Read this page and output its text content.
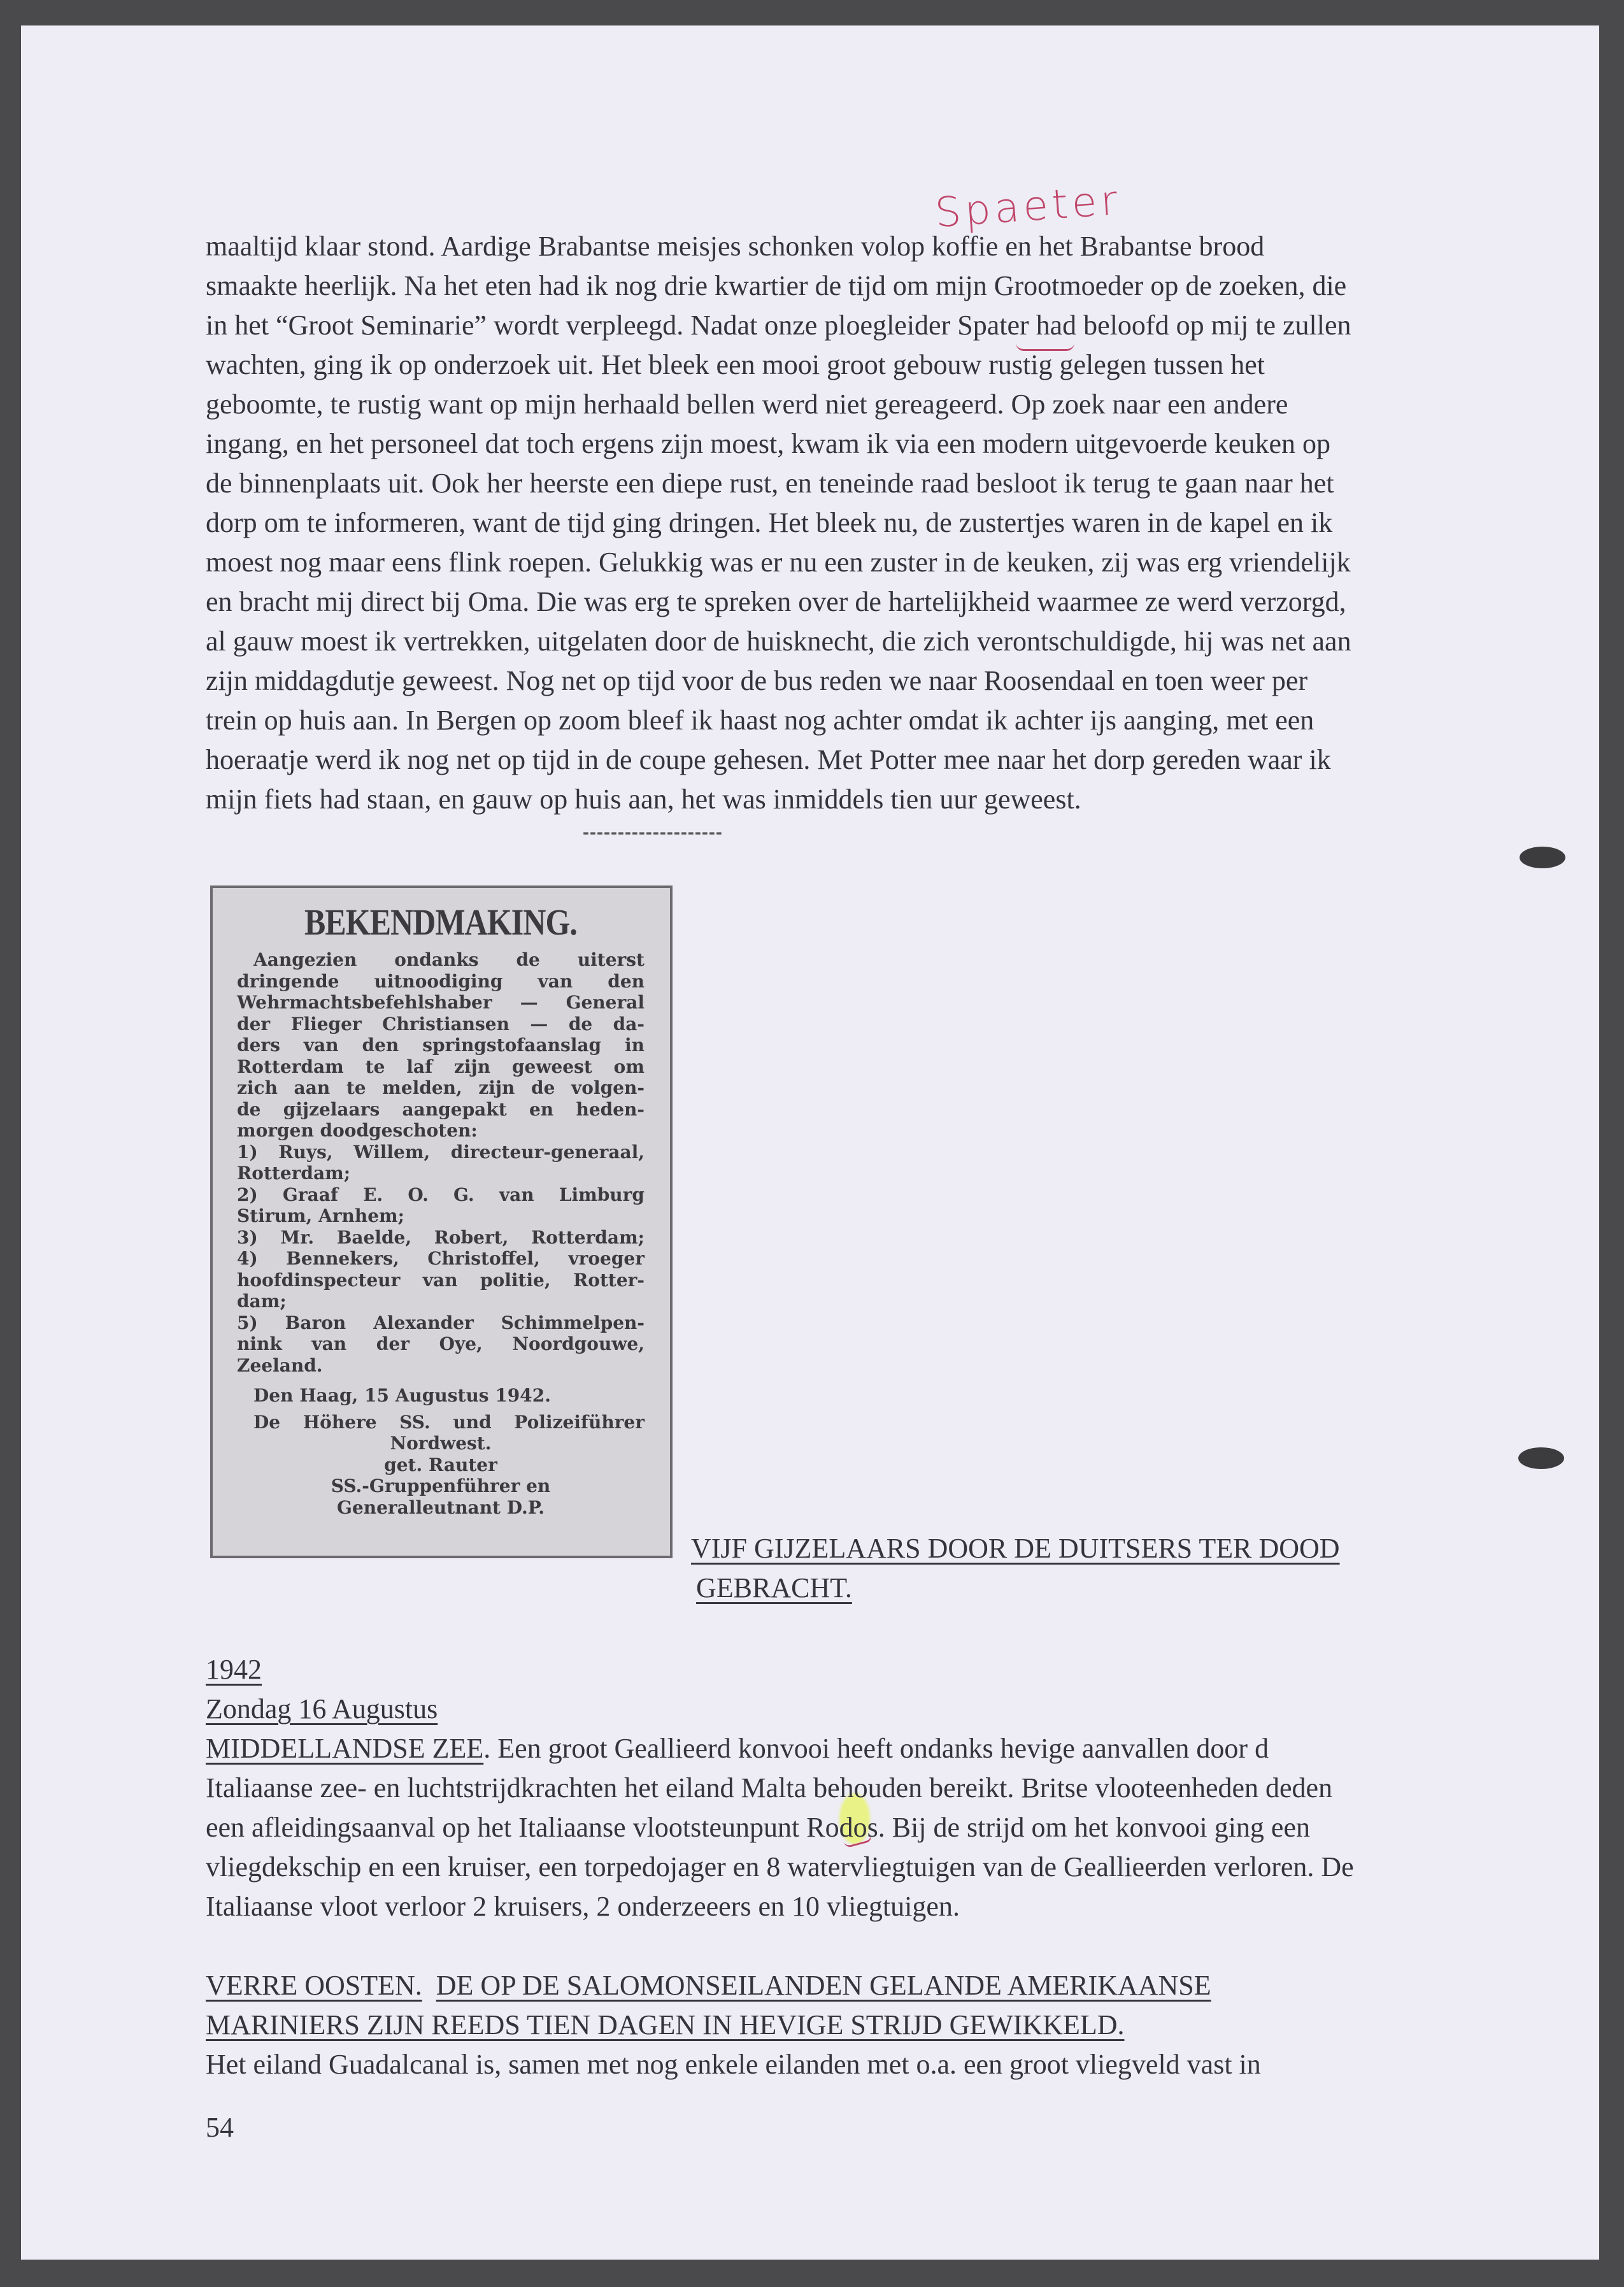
Spaeter
maaltijd klaar stond. Aardige Brabantse meisjes schonken volop koffie en het Brabantse brood
smaakte heerlijk. Na het eten had ik nog drie kwartier de tijd om mijn Grootmoeder op de zoeken, die
in het “Groot Seminarie” wordt verpleegd. Nadat onze ploegleider Spater had beloofd op mij te zullen
wachten, ging ik op onderzoek uit. Het bleek een mooi groot gebouw rustig gelegen tussen het
geboomte, te rustig want op mijn herhaald bellen werd niet gereageerd. Op zoek naar een andere
ingang, en het personeel dat toch ergens zijn moest, kwam ik via een modern uitgevoerde keuken op
de binnenplaats uit. Ook her heerste een diepe rust, en teneinde raad besloot ik terug te gaan naar het
dorp om te informeren, want de tijd ging dringen. Het bleek nu, de zustertjes waren in de kapel en ik
moest nog maar eens flink roepen. Gelukkig was er nu een zuster in de keuken, zij was erg vriendelijk
en bracht mij direct bij Oma. Die was erg te spreken over de hartelijkheid waarmee ze werd verzorgd,
al gauw moest ik vertrekken, uitgelaten door de huisknecht, die zich verontschuldigde, hij was net aan
zijn middagdutje geweest. Nog net op tijd voor de bus reden we naar Roosendaal en toen weer per
trein op huis aan. In Bergen op zoom bleef ik haast nog achter omdat ik achter ijs aanging, met een
hoeraatje werd ik nog net op tijd in de coupe gehesen. Met Potter mee naar het dorp gereden waar ik
mijn fiets had staan, en gauw op huis aan, het was inmiddels tien uur geweest.
--------------------
BEKENDMAKING.
Aangezien ondanks de uiterst
dringende uitnoodiging van den
Wehrmachtsbefehlshaber — General
der Flieger Christiansen — de da-
ders van den springstofaanslag in
Rotterdam te laf zijn geweest om
zich aan te melden, zijn de volgen-
de gijzelaars aangepakt en heden-
morgen doodgeschoten:
1) Ruys, Willem, directeur-generaal,
Rotterdam;
2) Graaf E. O. G. van Limburg
Stirum, Arnhem;
3) Mr. Baelde, Robert, Rotterdam;
4) Bennekers, Christoffel, vroeger
hoofdinspecteur van politie, Rotter-
dam;
5) Baron Alexander Schimmelpen-
nink van der Oye, Noordgouwe,
Zeeland.
Den Haag, 15 Augustus 1942.
De Höhere SS. und Polizeiführer
Nordwest.
get. Rauter
SS.-Gruppenführer en
Generalleutnant D.P.
VIJF GIJZELAARS DOOR DE DUITSERS TER DOOD
GEBRACHT.
1942
Zondag 16 Augustus
MIDDELLANDSE ZEE. Een groot Geallieerd konvooi heeft ondanks hevige aanvallen door d
Italiaanse zee- en luchtstrijdkrachten het eiland Malta behouden bereikt. Britse vlooteenheden deden
een afleidingsaanval op het Italiaanse vlootsteunpunt Rodos. Bij de strijd om het konvooi ging een
vliegdekschip en een kruiser, een torpedojager en 8 watervliegtuigen van de Geallieerden verloren. De
Italiaanse vloot verloor 2 kruisers, 2 onderzeeers en 10 vliegtuigen.
VERRE OOSTEN. DE OP DE SALOMONSEILANDEN GELANDE AMERIKAANSE
MARINIERS ZIJN REEDS TIEN DAGEN IN HEVIGE STRIJD GEWIKKELD.
Het eiland Guadalcanal is, samen met nog enkele eilanden met o.a. een groot vliegveld vast in
54
